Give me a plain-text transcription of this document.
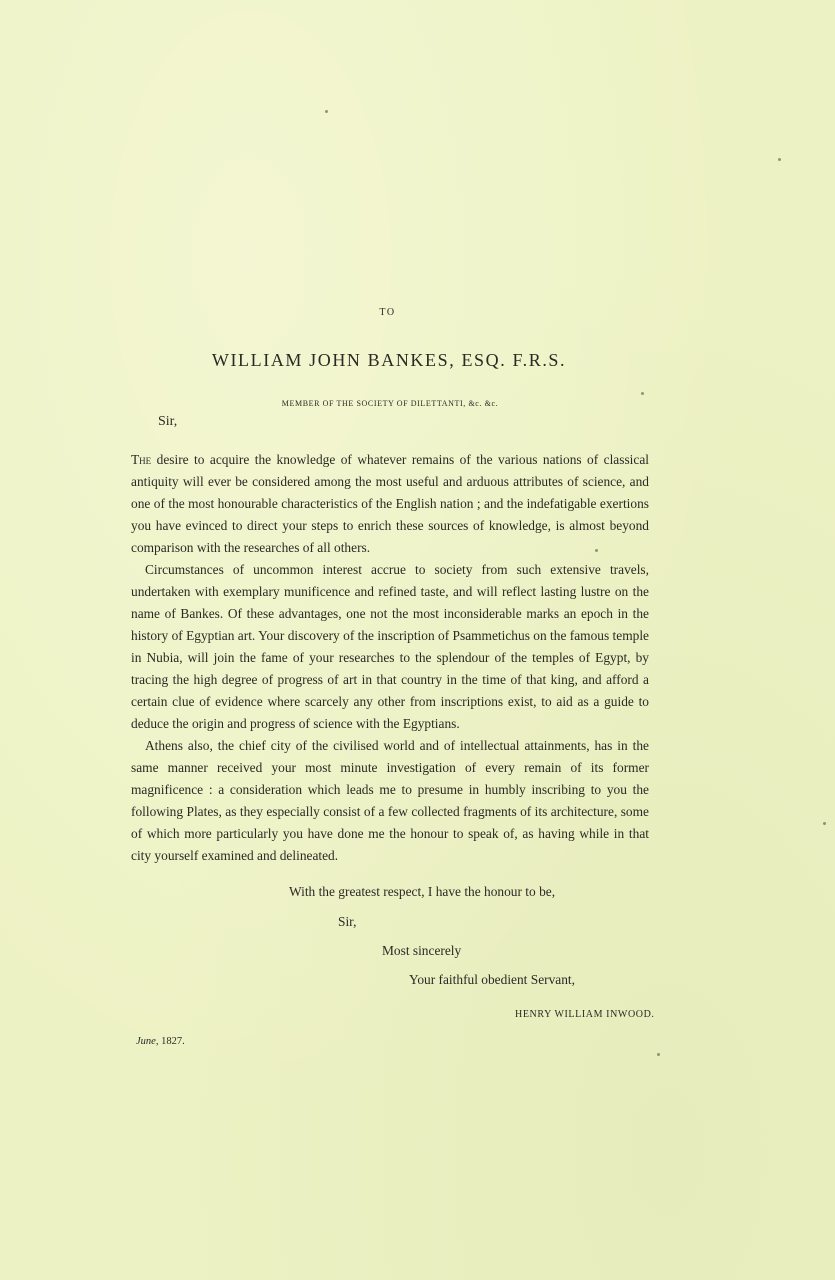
TO
WILLIAM JOHN BANKES, ESQ. F.R.S.
MEMBER OF THE SOCIETY OF DILETTANTI, &c. &c.
Sir,

The desire to acquire the knowledge of whatever remains of the various nations of classical antiquity will ever be considered among the most useful and arduous attributes of science, and one of the most honourable characteristics of the English nation ; and the indefatigable exertions you have evinced to direct your steps to enrich these sources of knowledge, is almost beyond comparison with the researches of all others.

Circumstances of uncommon interest accrue to society from such extensive travels, undertaken with exemplary munificence and refined taste, and will reflect lasting lustre on the name of Bankes. Of these advantages, one not the most inconsiderable marks an epoch in the history of Egyptian art. Your discovery of the inscription of Psammetichus on the famous temple in Nubia, will join the fame of your researches to the splendour of the temples of Egypt, by tracing the high degree of progress of art in that country in the time of that king, and afford a certain clue of evidence where scarcely any other from inscriptions exist, to aid as a guide to deduce the origin and progress of science with the Egyptians.

Athens also, the chief city of the civilised world and of intellectual attainments, has in the same manner received your most minute investigation of every remain of its former magnificence : a consideration which leads me to presume in humbly inscribing to you the following Plates, as they especially consist of a few collected fragments of its architecture, some of which more particularly you have done me the honour to speak of, as having while in that city yourself examined and delineated.

With the greatest respect, I have the honour to be,
Sir,
Most sincerely
Your faithful obedient Servant,
HENRY WILLIAM INWOOD.
June, 1827.
